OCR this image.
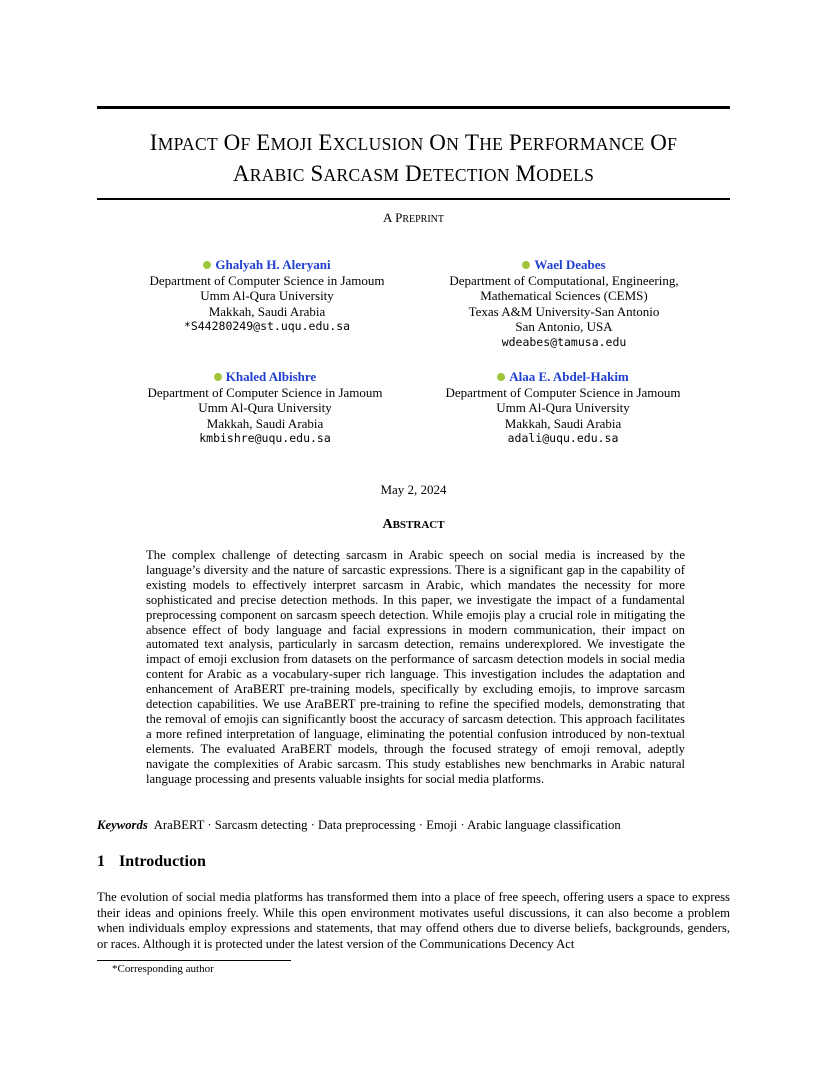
IMPACT OF EMOJI EXCLUSION ON THE PERFORMANCE OF
ARABIC SARCASM DETECTION MODELS
A PREPRINT
Ghalyah H. Aleryani
Department of Computer Science in Jamoum
Umm Al-Qura University
Makkah, Saudi Arabia
*S44280249@st.uqu.edu.sa
Wael Deabes
Department of Computational, Engineering,
Mathematical Sciences (CEMS)
Texas A&M University-San Antonio
San Antonio, USA
wdeabes@tamusa.edu
Khaled Albishre
Department of Computer Science in Jamoum
Umm Al-Qura University
Makkah, Saudi Arabia
kmbishre@uqu.edu.sa
Alaa E. Abdel-Hakim
Department of Computer Science in Jamoum
Umm Al-Qura University
Makkah, Saudi Arabia
adali@uqu.edu.sa
May 2, 2024
ABSTRACT

The complex challenge of detecting sarcasm in Arabic speech on social media is increased by the language’s diversity and the nature of sarcastic expressions. There is a significant gap in the capability of existing models to effectively interpret sarcasm in Arabic, which mandates the necessity for more sophisticated and precise detection methods. In this paper, we investigate the impact of a fundamental preprocessing component on sarcasm speech detection. While emojis play a crucial role in mitigating the absence effect of body language and facial expressions in modern communication, their impact on automated text analysis, particularly in sarcasm detection, remains underexplored. We investigate the impact of emoji exclusion from datasets on the performance of sarcasm detection models in social media content for Arabic as a vocabulary-super rich language. This investigation includes the adaptation and enhancement of AraBERT pre-training models, specifically by excluding emojis, to improve sarcasm detection capabilities. We use AraBERT pre-training to refine the specified models, demonstrating that the removal of emojis can significantly boost the accuracy of sarcasm detection. This approach facilitates a more refined interpretation of language, eliminating the potential confusion introduced by non-textual elements. The evaluated AraBERT models, through the focused strategy of emoji removal, adeptly navigate the complexities of Arabic sarcasm. This study establishes new benchmarks in Arabic natural language processing and presents valuable insights for social media platforms.

Keywords AraBERT · Sarcasm detecting · Data preprocessing · Emoji · Arabic language classification
1 Introduction

The evolution of social media platforms has transformed them into a place of free speech, offering users a space to express their ideas and opinions freely. While this open environment motivates useful discussions, it can also become a problem when individuals employ expressions and statements, that may offend others due to diverse beliefs, backgrounds, genders, or races. Although it is protected under the latest version of the Communications Decency Act

*Corresponding author
